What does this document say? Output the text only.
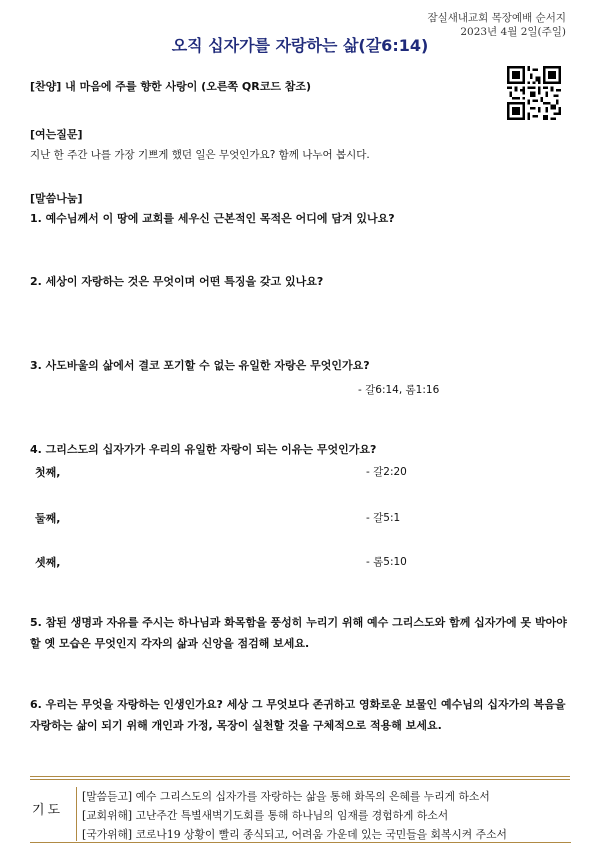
잠실새내교회 목장예배 순서지
2023년 4월 2일(주일)
오직 십자가를 자랑하는 삶(갈6:14)
[찬양] 내 마음에 주를 향한 사랑이 (오른쪽 QR코드 참조)
[여는질문]
지난 한 주간 나를 가장 기쁘게 했던 일은 무엇인가요? 함께 나누어 봅시다.
[말씀나눔]
1. 예수님께서 이 땅에 교회를 세우신 근본적인 목적은 어디에 담겨 있나요?
2. 세상이 자랑하는 것은 무엇이며 어떤 특징을 갖고 있나요?
3. 사도바울의 삶에서 결코 포기할 수 없는 유일한 자랑은 무엇인가요?
- 갈6:14, 롬1:16
4. 그리스도의 십자가가 우리의 유일한 자랑이 되는 이유는 무엇인가요?
첫째,	- 갈2:20
둘째,	- 갈5:1
셋째,	- 롬5:10
5. 참된 생명과 자유를 주시는 하나님과 화목함을 풍성히 누리기 위해 예수 그리스도와 함께 십자가에 못 박아야 할 옛 모습은 무엇인지 각자의 삶과 신앙을 점검해 보세요.
6. 우리는 무엇을 자랑하는 인생인가요? 세상 그 무엇보다 존귀하고 영화로운 보물인 예수님의 십자가의 복음을 자랑하는 삶이 되기 위해 개인과 가정, 목장이 실천할 것을 구체적으로 적용해 보세요.
기도
[말씀듣고] 예수 그리스도의 십자가를 자랑하는 삶을 통해 화목의 은혜를 누리게 하소서
[교회위해] 고난주간 특별새벽기도회를 통해 하나님의 임재를 경험하게 하소서
[국가위해] 코로나19 상황이 빨리 종식되고, 어려움 가운데 있는 국민들을 회복시켜 주소서
